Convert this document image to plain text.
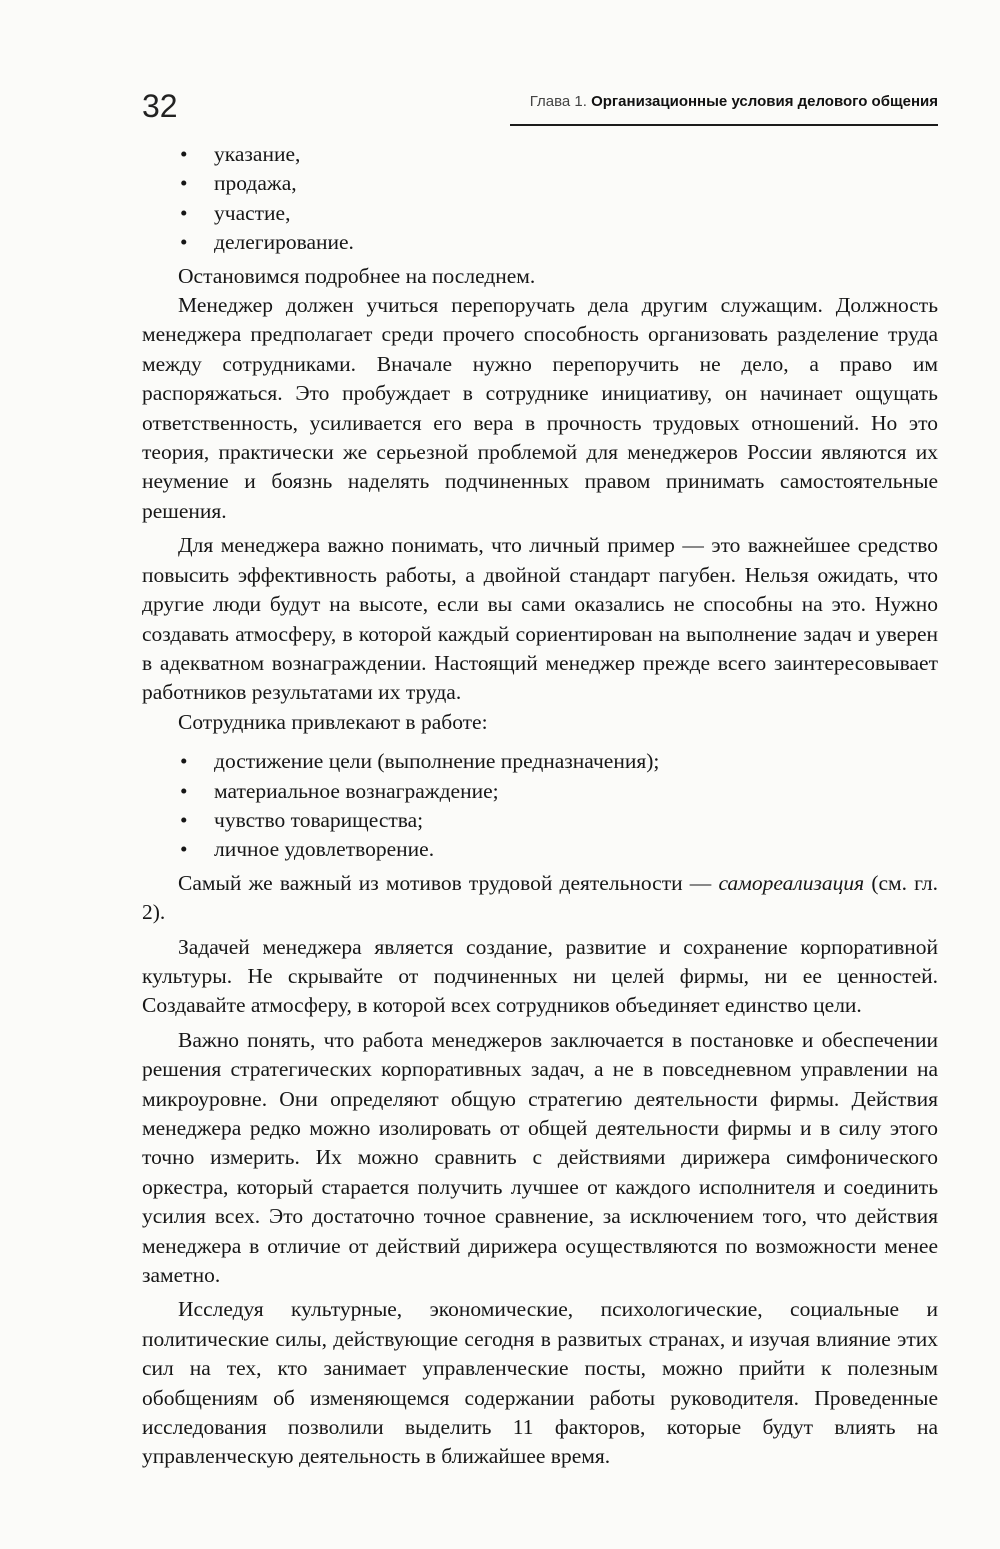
32	Глава 1. Организационные условия делового общения
• указание,
• продажа,
• участие,
• делегирование.

Остановимся подробнее на последнем.

Менеджер должен учиться перепоручать дела другим служащим. Должность менеджера предполагает среди прочего способность организовать разделение труда между сотрудниками. Вначале нужно перепоручить не дело, а право им распоряжаться. Это пробуждает в сотруднике инициативу, он начинает ощущать ответственность, усиливается его вера в прочность трудовых отношений. Но это теория, практически же серьезной проблемой для менеджеров России являются их неумение и боязнь наделять подчиненных правом принимать самостоятельные решения.

Для менеджера важно понимать, что личный пример — это важнейшее средство повысить эффективность работы, а двойной стандарт пагубен. Нельзя ожидать, что другие люди будут на высоте, если вы сами оказались не способны на это. Нужно создавать атмосферу, в которой каждый сориентирован на выполнение задач и уверен в адекватном вознаграждении. Настоящий менеджер прежде всего заинтересовывает работников результатами их труда.

Сотрудника привлекают в работе:

• достижение цели (выполнение предназначения);
• материальное вознаграждение;
• чувство товарищества;
• личное удовлетворение.

Самый же важный из мотивов трудовой деятельности — самореализация (см. гл. 2).

Задачей менеджера является создание, развитие и сохранение корпоративной культуры. Не скрывайте от подчиненных ни целей фирмы, ни ее ценностей. Создавайте атмосферу, в которой всех сотрудников объединяет единство цели.

Важно понять, что работа менеджеров заключается в постановке и обеспечении решения стратегических корпоративных задач, а не в повседневном управлении на микроуровне. Они определяют общую стратегию деятельности фирмы. Действия менеджера редко можно изолировать от общей деятельности фирмы и в силу этого точно измерить. Их можно сравнить с действиями дирижера симфонического оркестра, который старается получить лучшее от каждого исполнителя и соединить усилия всех. Это достаточно точное сравнение, за исключением того, что действия менеджера в отличие от действий дирижера осуществляются по возможности менее заметно.

Исследуя культурные, экономические, психологические, социальные и политические силы, действующие сегодня в развитых странах, и изучая влияние этих сил на тех, кто занимает управленческие посты, можно прийти к полезным обобщениям об изменяющемся содержании работы руководителя. Проведенные исследования позволили выделить 11 факторов, которые будут влиять на управленческую деятельность в ближайшее время.
